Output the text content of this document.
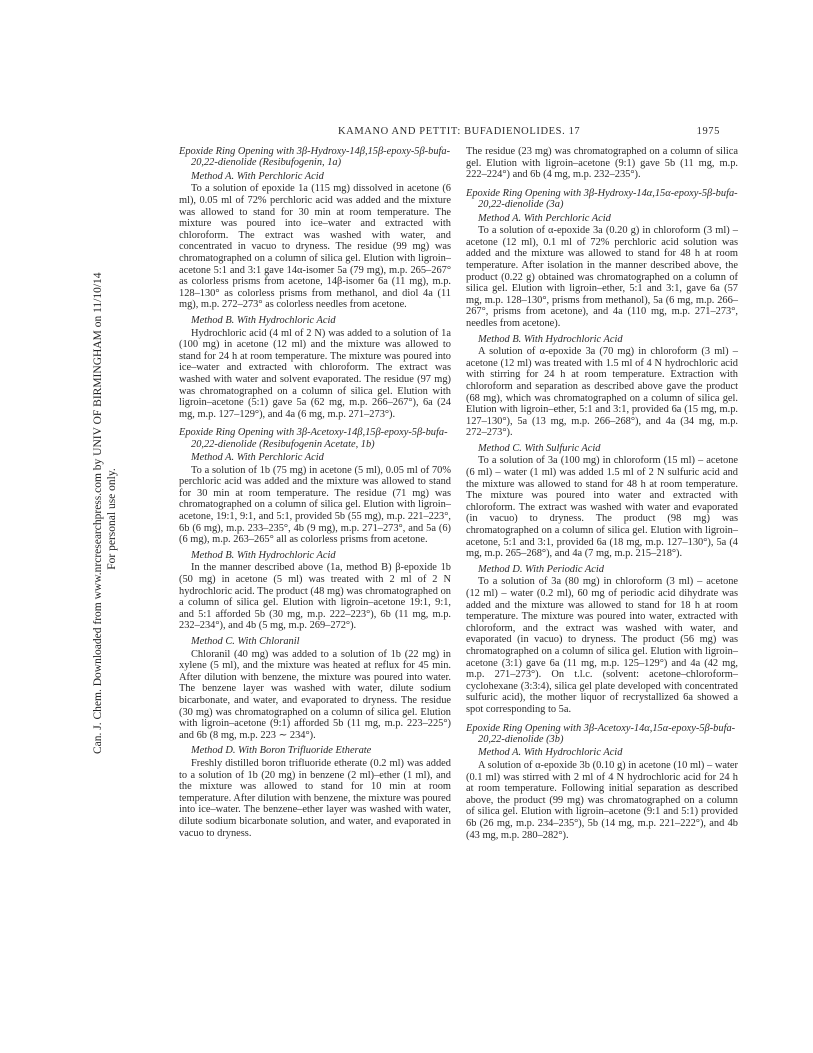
Can. J. Chem. Downloaded from www.nrcresearchpress.com by UNIV OF BIRMINGHAM on 11/10/14 For personal use only.
KAMANO AND PETTIT: BUFADIENOLIDES. 17	1975
Epoxide Ring Opening with 3β-Hydroxy-14β,15β-epoxy-5β-bufa-20,22-dienolide (Resibufogenin, 1a)
Method A. With Perchloric Acid
To a solution of epoxide 1a (115 mg) dissolved in acetone (6 ml), 0.05 ml of 72% perchloric acid was added and the mixture was allowed to stand for 30 min at room temperature. The mixture was poured into ice–water and extracted with chloroform. The extract was washed with water, and concentrated in vacuo to dryness. The residue (99 mg) was chromatographed on a column of silica gel. Elution with ligroin–acetone 5:1 and 3:1 gave 14α-isomer 5a (79 mg), m.p. 265–267° as colorless prisms from acetone, 14β-isomer 6a (11 mg), m.p. 128–130° as colorless prisms from methanol, and diol 4a (11 mg), m.p. 272–273° as colorless needles from acetone.
Method B. With Hydrochloric Acid
Hydrochloric acid (4 ml of 2 N) was added to a solution of 1a (100 mg) in acetone (12 ml) and the mixture was allowed to stand for 24 h at room temperature. The mixture was poured into ice–water and extracted with chloroform. The extract was washed with water and solvent evaporated. The residue (97 mg) was chromatographed on a column of silica gel. Elution with ligroin–acetone (5:1) gave 5a (62 mg, m.p. 266–267°), 6a (24 mg, m.p. 127–129°), and 4a (6 mg, m.p. 271–273°).
Epoxide Ring Opening with 3β-Acetoxy-14β,15β-epoxy-5β-bufa-20,22-dienolide (Resibufogenin Acetate, 1b)
Method A. With Perchloric Acid
To a solution of 1b (75 mg) in acetone (5 ml), 0.05 ml of 70% perchloric acid was added and the mixture was allowed to stand for 30 min at room temperature. The residue (71 mg) was chromatographed on a column of silica gel. Elution with ligroin–acetone, 19:1, 9:1, and 5:1, provided 5b (55 mg), m.p. 221–223°, 6b (6 mg), m.p. 233–235°, 4b (9 mg), m.p. 271–273°, and 5a (6) (6 mg), m.p. 263–265° all as colorless prisms from acetone.
Method B. With Hydrochloric Acid
In the manner described above (1a, method B) β-epoxide 1b (50 mg) in acetone (5 ml) was treated with 2 ml of 2 N hydrochloric acid. The product (48 mg) was chromatographed on a column of silica gel. Elution with ligroin–acetone 19:1, 9:1, and 5:1 afforded 5b (30 mg, m.p. 222–223°), 6b (11 mg, m.p. 232–234°), and 4b (5 mg, m.p. 269–272°).
Method C. With Chloranil
Chloranil (40 mg) was added to a solution of 1b (22 mg) in xylene (5 ml), and the mixture was heated at reflux for 45 min. After dilution with benzene, the mixture was poured into water. The benzene layer was washed with water, dilute sodium bicarbonate, and water, and evaporated to dryness. The residue (30 mg) was chromatographed on a column of silica gel. Elution with ligroin–acetone (9:1) afforded 5b (11 mg, m.p. 223–225°) and 6b (8 mg, m.p. 223 ∼ 234°).
Method D. With Boron Trifluoride Etherate
Freshly distilled boron trifluoride etherate (0.2 ml) was added to a solution of 1b (20 mg) in benzene (2 ml)–ether (1 ml), and the mixture was allowed to stand for 10 min at room temperature. After dilution with benzene, the mixture was poured into ice–water. The benzene–ether layer was washed with water, dilute sodium bicarbonate solution, and water, and evaporated in vacuo to dryness.
The residue (23 mg) was chromatographed on a column of silica gel. Elution with ligroin–acetone (9:1) gave 5b (11 mg, m.p. 222–224°) and 6b (4 mg, m.p. 232–235°).
Epoxide Ring Opening with 3β-Hydroxy-14α,15α-epoxy-5β-bufa-20,22-dienolide (3a)
Method A. With Perchloric Acid
To a solution of α-epoxide 3a (0.20 g) in chloroform (3 ml) – acetone (12 ml), 0.1 ml of 72% perchloric acid solution was added and the mixture was allowed to stand for 48 h at room temperature. After isolation in the manner described above, the product (0.22 g) obtained was chromatographed on a column of silica gel. Elution with ligroin–ether, 5:1 and 3:1, gave 6a (57 mg, m.p. 128–130°, prisms from methanol), 5a (6 mg, m.p. 266–267°, prisms from acetone), and 4a (110 mg, m.p. 271–273°, needles from acetone).
Method B. With Hydrochloric Acid
A solution of α-epoxide 3a (70 mg) in chloroform (3 ml) – acetone (12 ml) was treated with 1.5 ml of 4 N hydrochloric acid with stirring for 24 h at room temperature. Extraction with chloroform and separation as described above gave the product (68 mg), which was chromatographed on a column of silica gel. Elution with ligroin–ether, 5:1 and 3:1, provided 6a (15 mg, m.p. 127–130°), 5a (13 mg, m.p. 266–268°), and 4a (34 mg, m.p. 272–273°).
Method C. With Sulfuric Acid
To a solution of 3a (100 mg) in chloroform (15 ml) – acetone (6 ml) – water (1 ml) was added 1.5 ml of 2 N sulfuric acid and the mixture was allowed to stand for 48 h at room temperature. The mixture was poured into water and extracted with chloroform. The extract was washed with water and evaporated (in vacuo) to dryness. The product (98 mg) was chromatographed on a column of silica gel. Elution with ligroin–acetone, 5:1 and 3:1, provided 6a (18 mg, m.p. 127–130°), 5a (4 mg, m.p. 265–268°), and 4a (7 mg, m.p. 215–218°).
Method D. With Periodic Acid
To a solution of 3a (80 mg) in chloroform (3 ml) – acetone (12 ml) – water (0.2 ml), 60 mg of periodic acid dihydrate was added and the mixture was allowed to stand for 18 h at room temperature. The mixture was poured into water, extracted with chloroform, and the extract was washed with water, and evaporated (in vacuo) to dryness. The product (56 mg) was chromatographed on a column of silica gel. Elution with ligroin–acetone (3:1) gave 6a (11 mg, m.p. 125–129°) and 4a (42 mg, m.p. 271–273°). On t.l.c. (solvent: acetone–chloroform–cyclohexane (3:3:4), silica gel plate developed with concentrated sulfuric acid), the mother liquor of recrystallized 6a showed a spot corresponding to 5a.
Epoxide Ring Opening with 3β-Acetoxy-14α,15α-epoxy-5β-bufa-20,22-dienolide (3b)
Method A. With Hydrochloric Acid
A solution of α-epoxide 3b (0.10 g) in acetone (10 ml) – water (0.1 ml) was stirred with 2 ml of 4 N hydrochloric acid for 24 h at room temperature. Following initial separation as described above, the product (99 mg) was chromatographed on a column of silica gel. Elution with ligroin–acetone (9:1 and 5:1) provided 6b (26 mg, m.p. 234–235°), 5b (14 mg, m.p. 221–222°), and 4b (43 mg, m.p. 280–282°).
